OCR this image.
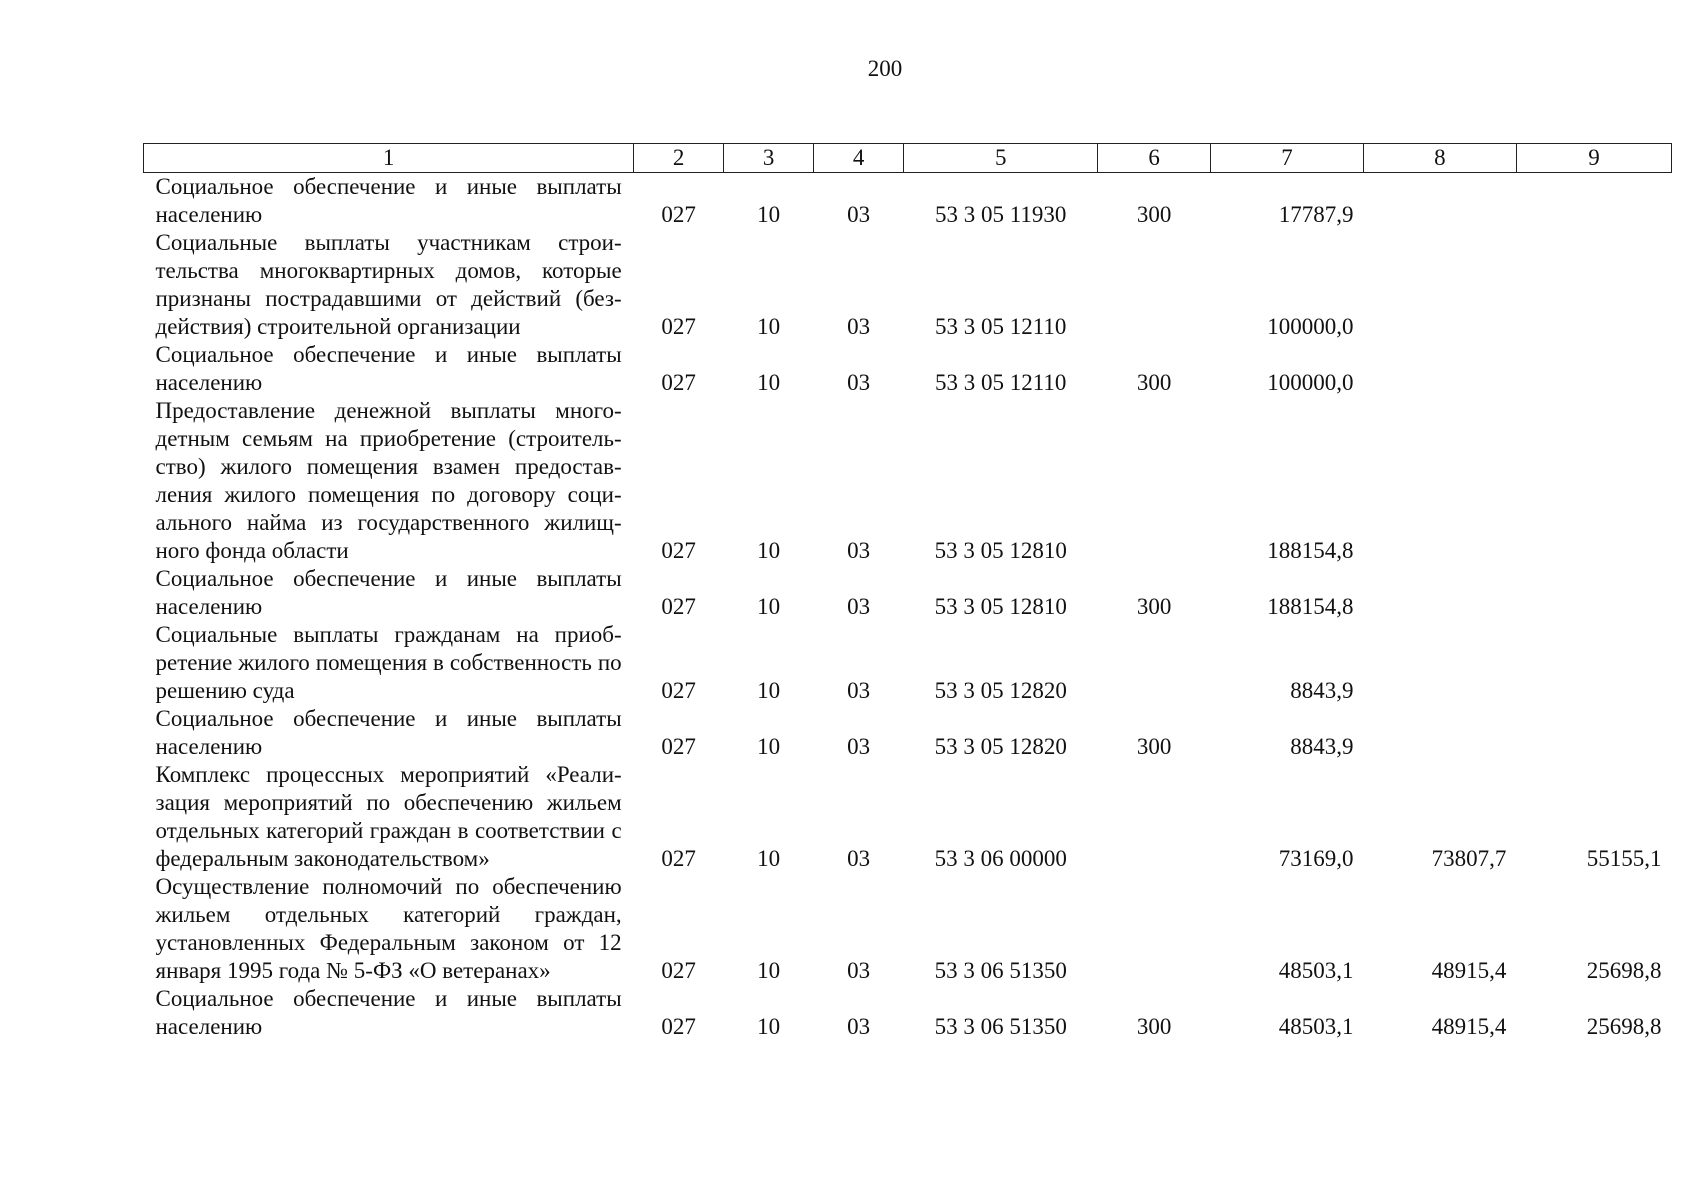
200
1	2	3	4	5	6	7	8	9
Социальное обеспечение и иные выплаты населению	027	10	03	53 3 05 11930	300	17787,9		
Социальные выплаты участникам строительства многоквартирных домов, которые признаны пострадавшими от действий (бездействия) строительной организации	027	10	03	53 3 05 12110		100000,0		
Социальное обеспечение и иные выплаты населению	027	10	03	53 3 05 12110	300	100000,0		
Предоставление денежной выплаты многодетным семьям на приобретение (строительство) жилого помещения взамен предоставления жилого помещения по договору социального найма из государственного жилищного фонда области	027	10	03	53 3 05 12810		188154,8		
Социальное обеспечение и иные выплаты населению	027	10	03	53 3 05 12810	300	188154,8		
Социальные выплаты гражданам на приобретение жилого помещения в собственность по решению суда	027	10	03	53 3 05 12820		8843,9		
Социальное обеспечение и иные выплаты населению	027	10	03	53 3 05 12820	300	8843,9		
Комплекс процессных мероприятий «Реализация мероприятий по обеспечению жильем отдельных категорий граждан в соответствии с федеральным законодательством»	027	10	03	53 3 06 00000		73169,0	73807,7	55155,1
Осуществление полномочий по обеспечению жильем отдельных категорий граждан, установленных Федеральным законом от 12 января 1995 года № 5-ФЗ «О ветеранах»	027	10	03	53 3 06 51350		48503,1	48915,4	25698,8
Социальное обеспечение и иные выплаты населению	027	10	03	53 3 06 51350	300	48503,1	48915,4	25698,8
